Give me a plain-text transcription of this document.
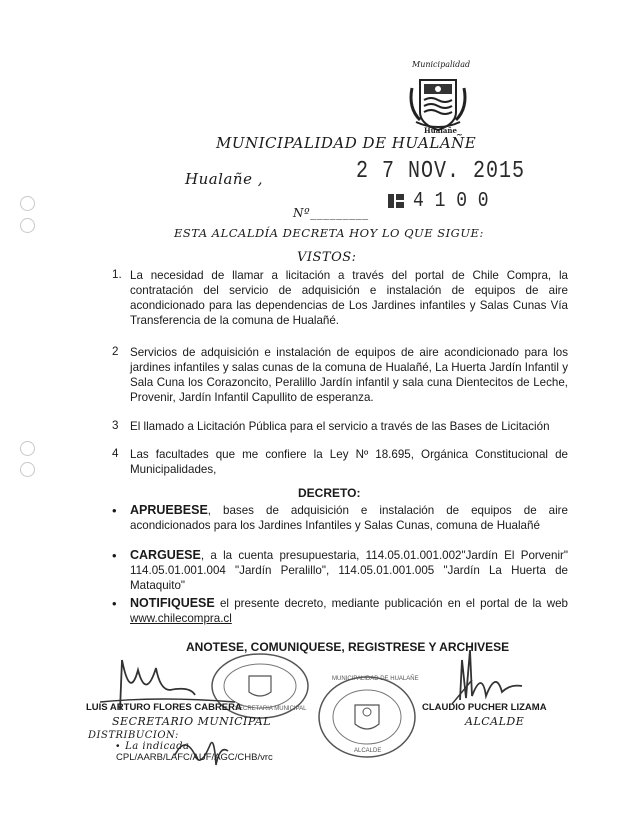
Municipalidad
Hualañe
MUNICIPALIDAD DE HUALAÑE
Hualañe ,	2 7 NOV. 2015
Nº_________ 4 1 0 0
ESTA ALCALDÍA DECRETA HOY LO QUE SIGUE:
VISTOS:
1. La necesidad de llamar a licitación a través del portal de Chile Compra, la contratación del servicio de adquisición e instalación de equipos de aire acondicionado para las dependencias de Los Jardines infantiles y Salas Cunas Vía Transferencia de la comuna de Hualañé.
2 Servicios de adquisición e instalación de equipos de aire acondicionado para los jardines infantiles y salas cunas de la comuna de Hualañé, La Huerta Jardín Infantil y Sala Cuna los Corazoncito, Peralillo Jardín infantil y sala cuna Dientecitos de Leche, Provenir, Jardín Infantil Capullito de esperanza.
3 El llamado a Licitación Pública para el servicio a través de las Bases de Licitación
4 Las facultades que me confiere la Ley Nº 18.695, Orgánica Constitucional de Municipalidades,
DECRETO:
• APRUEBESE, bases de adquisición e instalación de equipos de aire acondicionados para los Jardines Infantiles y Salas Cunas, comuna de Hualañé
• CARGUESE, a la cuenta presupuestaria, 114.05.01.001.002"Jardín El Porvenir" 114.05.01.001.004 "Jardín Peralillo", 114.05.01.001.005 "Jardín La Huerta de Mataquito"
• NOTIFIQUESE el presente decreto, mediante publicación en el portal de la web www.chilecompra.cl
ANOTESE, COMUNIQUESE, REGISTRESE Y ARCHIVESE
SECRETARIA MUNICIPAL
MUNICIPALIDAD DE HUALAÑE
ALCALDE
LUIS ARTURO FLORES CABRERA
SECRETARIO MUNICIPAL
CLAUDIO PUCHER LIZAMA
ALCALDE
DISTRIBUCION:
•  La indicada
CPL/AARB/LAFC/AUF/AGC/CHB/vrc
